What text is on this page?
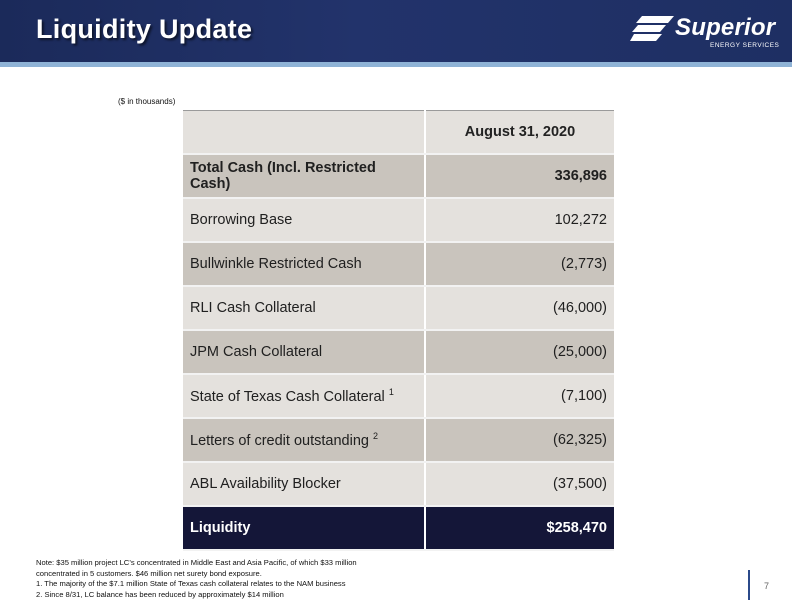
Liquidity Update	Superior
ENERGY SERVICES
($ in thousands)

	August 31, 2020

Total Cash (Incl. Restricted Cash)	336,896
Borrowing Base	102,272
Bullwinkle Restricted Cash	(2,773)
RLI Cash Collateral	(46,000)
JPM Cash Collateral	(25,000)
State of Texas Cash Collateral $^1$	(7,100)
Letters of credit outstanding $^2$	(62,325)
ABL Availability Blocker	(37,500)
Liquidity	$258,470
Note: $35 million project LC’s concentrated in Middle East and Asia Pacific, of which $33 million
concentrated in 5 customers. $46 million net surety bond exposure.
1. The majority of the $7.1 million State of Texas cash collateral relates to the NAM business
2. Since 8/31, LC balance has been reduced by approximately $14 million
7
